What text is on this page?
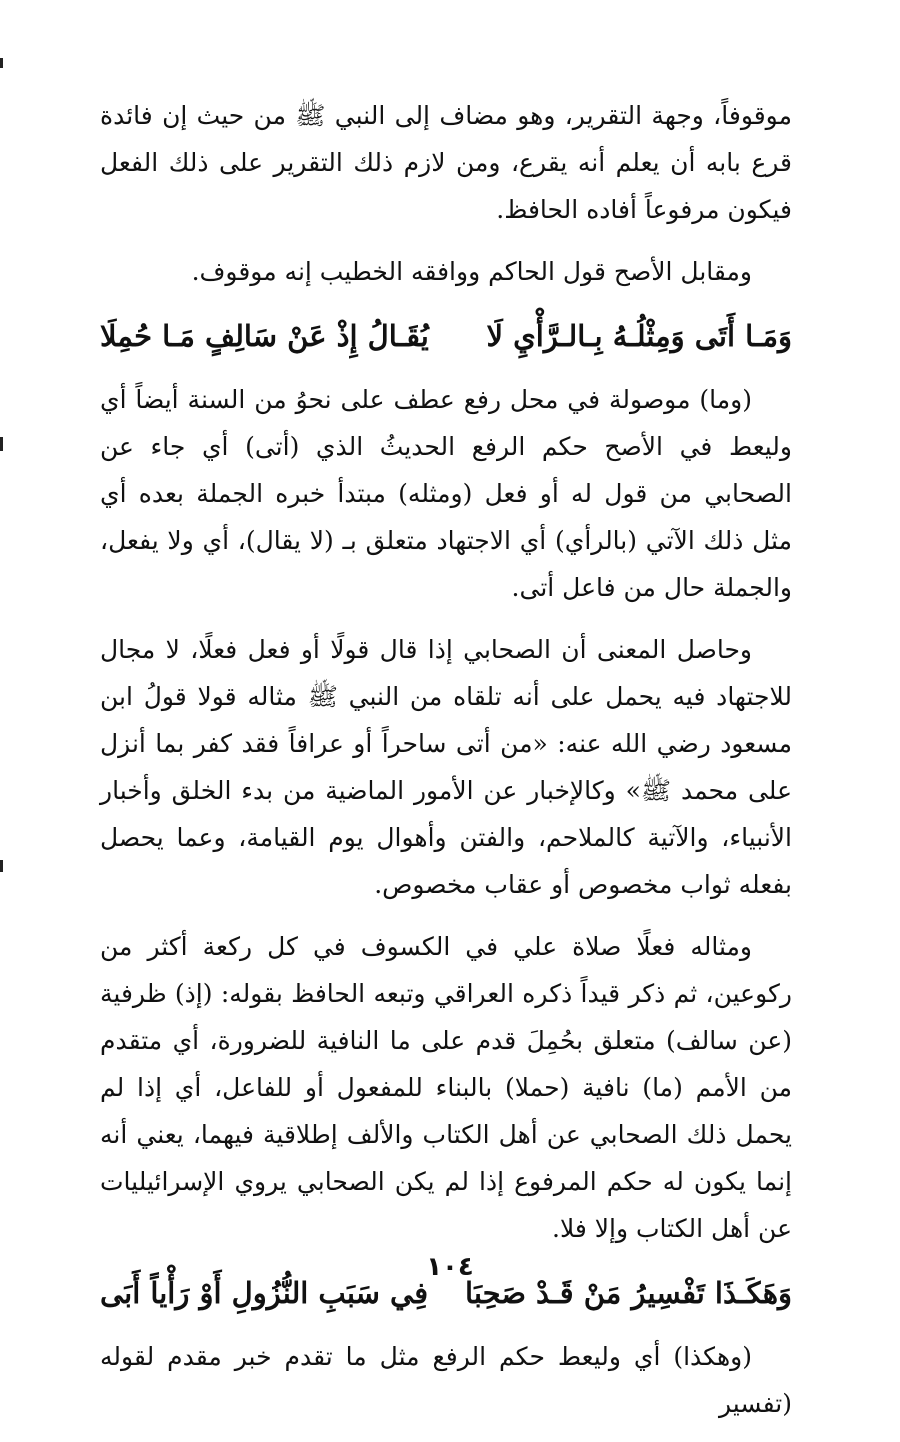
موقوفاً، وجهة التقرير، وهو مضاف إلى النبي ﷺ من حيث إن فائدة قرع بابه أن يعلم أنه يقرع، ومن لازم ذلك التقرير على ذلك الفعل فيكون مرفوعاً أفاده الحافظ.

ومقابل الأصح قول الحاكم ووافقه الخطيب إنه موقوف.

وَمَـا أَتَى وَمِثْلُـهُ بِـالـرَّأْيِ لَا
يُقَـالُ إِذْ عَنْ سَالِفٍ مَـا حُمِلَا

(وما) موصولة في محل رفع عطف على نحوُ من السنة أيضاً أي وليعط في الأصح حكم الرفع الحديثُ الذي (أتى) أي جاء عن الصحابي من قول له أو فعل (ومثله) مبتدأ خبره الجملة بعده أي مثل ذلك الآتي (بالرأي) أي الاجتهاد متعلق بـ (لا يقال)، أي ولا يفعل، والجملة حال من فاعل أتى.

وحاصل المعنى أن الصحابي إذا قال قولًا أو فعل فعلًا، لا مجال للاجتهاد فيه يحمل على أنه تلقاه من النبي ﷺ مثاله قولا قولُ ابن مسعود رضي الله عنه: «من أتى ساحراً أو عرافاً فقد كفر بما أنزل على محمد ﷺ» وكالإخبار عن الأمور الماضية من بدء الخلق وأخبار الأنبياء، والآتية كالملاحم، والفتن وأهوال يوم القيامة، وعما يحصل بفعله ثواب مخصوص أو عقاب مخصوص.

ومثاله فعلًا صلاة علي في الكسوف في كل ركعة أكثر من ركوعين، ثم ذكر قيداً ذكره العراقي وتبعه الحافظ بقوله: (إذ) ظرفية (عن سالف) متعلق بحُمِلَ قدم على ما النافية للضرورة، أي متقدم من الأمم (ما) نافية (حملا) بالبناء للمفعول أو للفاعل، أي إذا لم يحمل ذلك الصحابي عن أهل الكتاب والألف إطلاقية فيهما، يعني أنه إنما يكون له حكم المرفوع إذا لم يكن الصحابي يروي الإسرائيليات عن أهل الكتاب وإلا فلا.

وَهَكَـذَا تَفْسِيرُ مَنْ قَـدْ صَحِبَا
فِي سَبَبِ النُّزُولِ أَوْ رَأْياً أَبَى

(وهكذا) أي وليعط حكم الرفع مثل ما تقدم خبر مقدم لقوله (تفسير

١٠٤
